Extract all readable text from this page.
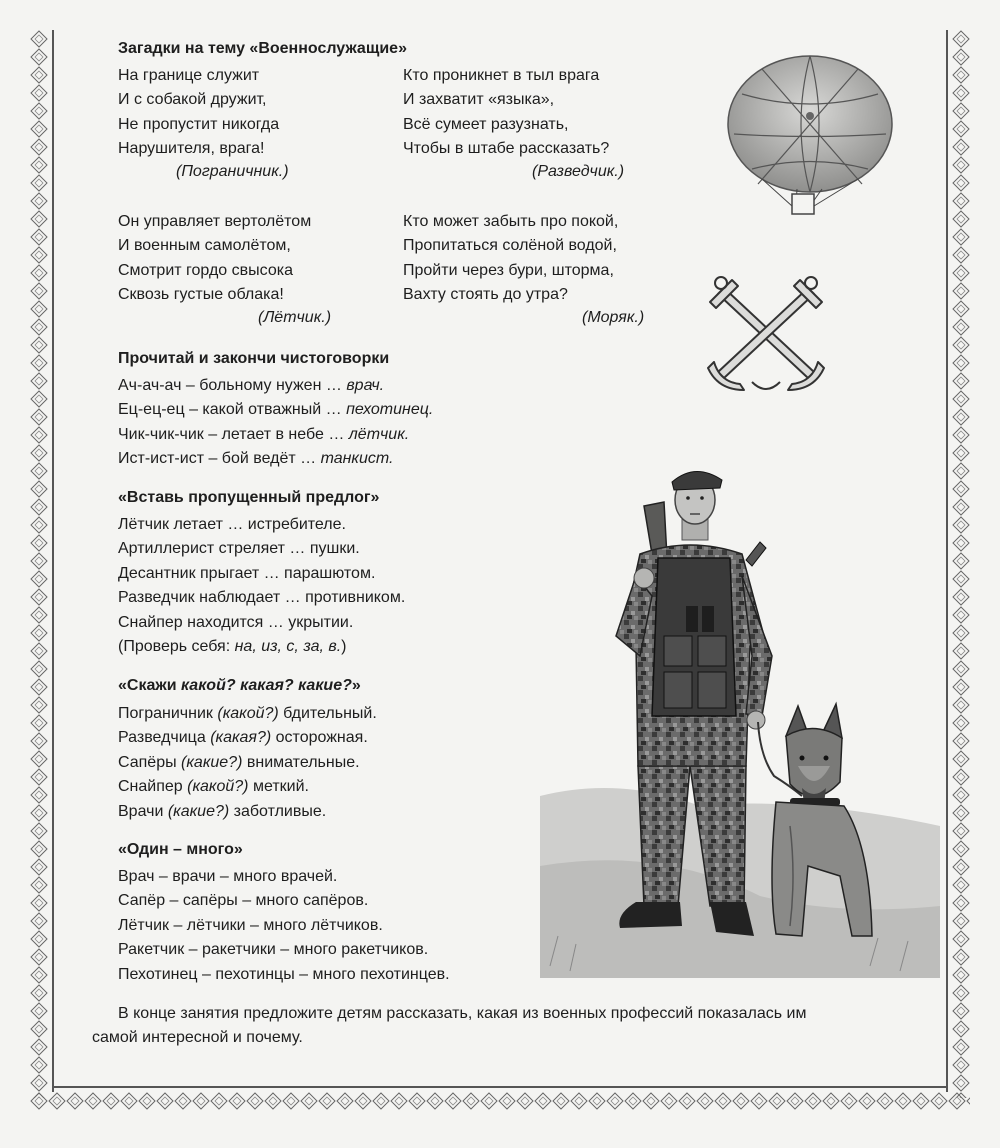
Загадки на тему «Военнослужащие»
На границе служит
И с собакой дружит,
Не пропустит никогда
Нарушителя, врага!
(Пограничник.)
Кто проникнет в тыл врага
И захватит «языка»,
Всё сумеет разузнать,
Чтобы в штабе рассказать?
(Разведчик.)
Он управляет вертолётом
И военным самолётом,
Смотрит гордо свысока
Сквозь густые облака!
(Лётчик.)
Кто может забыть про покой,
Пропитаться солёной водой,
Пройти через бури, шторма,
Вахту стоять до утра?
(Моряк.)
Прочитай и закончи чистоговорки
Ач-ач-ач – больному нужен … врач.
Ец-ец-ец – какой отважный … пехотинец.
Чик-чик-чик – летает в небе … лётчик.
Ист-ист-ист – бой ведёт … танкист.
«Вставь пропущенный предлог»
Лётчик летает … истребителе.
Артиллерист стреляет … пушки.
Десантник прыгает … парашютом.
Разведчик наблюдает … противником.
Снайпер находится … укрытии.
(Проверь себя: на, из, с, за, в.)
«Скажи какой? какая? какие?»
Пограничник (какой?) бдительный.
Разведчица (какая?) осторожная.
Сапёры (какие?) внимательные.
Снайпер (какой?) меткий.
Врачи (какие?) заботливые.
«Один – много»
Врач – врачи – много врачей.
Сапёр – сапёры – много сапёров.
Лётчик – лётчики – много лётчиков.
Ракетчик – ракетчики – много ракетчиков.
Пехотинец – пехотинцы – много пехотинцев.
В конце занятия предложите детям рассказать, какая из военных профессий показалась им
самой интересной и почему.
